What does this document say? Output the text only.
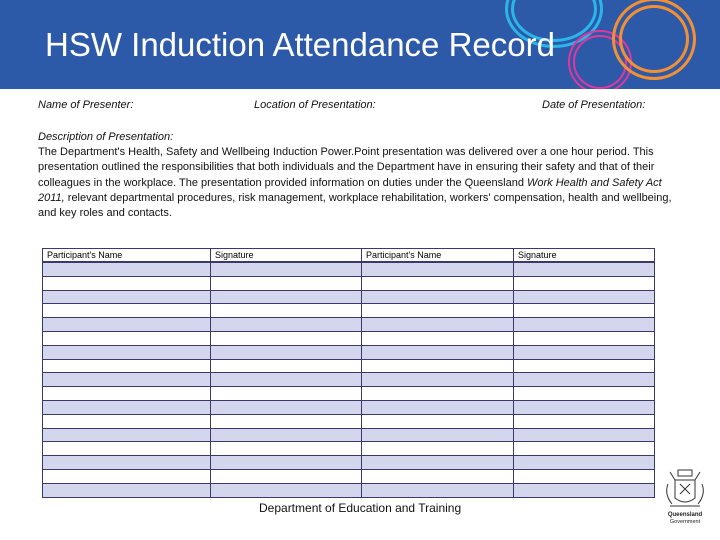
HSW Induction Attendance Record
Name of Presenter:	Location of Presentation:	Date of Presentation:
Description of Presentation:
The Department's Health, Safety and Wellbeing Induction Power.Point presentation was delivered over a one hour period. This presentation outlined the responsibilities that both individuals and the Department have in ensuring their safety and that of their colleagues in the workplace. The presentation provided information on duties under the Queensland Work Health and Safety Act 2011, relevant departmental procedures, risk management, workplace rehabilitation, workers' compensation, health and wellbeing, and key roles and contacts.
Participant's Name	Signature	Participant's Name	Signature

Department of Education and Training	Queensland
Government
